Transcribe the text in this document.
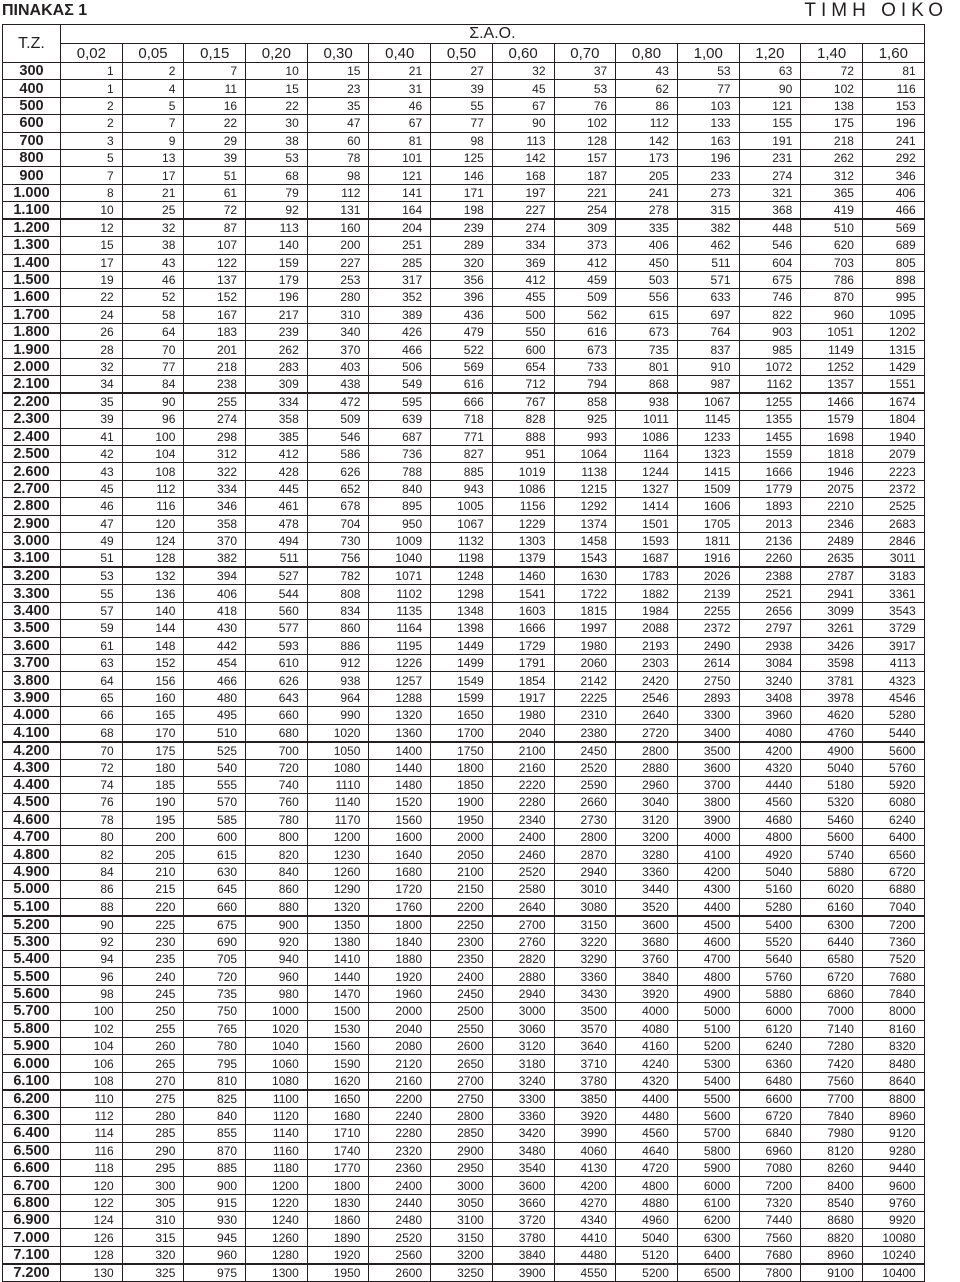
ΠΙΝΑΚΑΣ 1	ΤΙΜΗ ΟΙΚΟ
Τ.Ζ.	Σ.Α.Ο.													
	0,02	0,05	0,15	0,20	0,30	0,40	0,50	0,60	0,70	0,80	1,00	1,20	1,40	1,60
300	1	2	7	10	15	21	27	32	37	43	53	63	72	81
400	1	4	11	15	23	31	39	45	53	62	77	90	102	116
500	2	5	16	22	35	46	55	67	76	86	103	121	138	153
600	2	7	22	30	47	67	77	90	102	112	133	155	175	196
700	3	9	29	38	60	81	98	113	128	142	163	191	218	241
800	5	13	39	53	78	101	125	142	157	173	196	231	262	292
900	7	17	51	68	98	121	146	168	187	205	233	274	312	346
1.000	8	21	61	79	112	141	171	197	221	241	273	321	365	406
1.100	10	25	72	92	131	164	198	227	254	278	315	368	419	466
1.200	12	32	87	113	160	204	239	274	309	335	382	448	510	569
1.300	15	38	107	140	200	251	289	334	373	406	462	546	620	689
1.400	17	43	122	159	227	285	320	369	412	450	511	604	703	805
1.500	19	46	137	179	253	317	356	412	459	503	571	675	786	898
1.600	22	52	152	196	280	352	396	455	509	556	633	746	870	995
1.700	24	58	167	217	310	389	436	500	562	615	697	822	960	1095
1.800	26	64	183	239	340	426	479	550	616	673	764	903	1051	1202
1.900	28	70	201	262	370	466	522	600	673	735	837	985	1149	1315
2.000	32	77	218	283	403	506	569	654	733	801	910	1072	1252	1429
2.100	34	84	238	309	438	549	616	712	794	868	987	1162	1357	1551
2.200	35	90	255	334	472	595	666	767	858	938	1067	1255	1466	1674
2.300	39	96	274	358	509	639	718	828	925	1011	1145	1355	1579	1804
2.400	41	100	298	385	546	687	771	888	993	1086	1233	1455	1698	1940
2.500	42	104	312	412	586	736	827	951	1064	1164	1323	1559	1818	2079
2.600	43	108	322	428	626	788	885	1019	1138	1244	1415	1666	1946	2223
2.700	45	112	334	445	652	840	943	1086	1215	1327	1509	1779	2075	2372
2.800	46	116	346	461	678	895	1005	1156	1292	1414	1606	1893	2210	2525
2.900	47	120	358	478	704	950	1067	1229	1374	1501	1705	2013	2346	2683
3.000	49	124	370	494	730	1009	1132	1303	1458	1593	1811	2136	2489	2846
3.100	51	128	382	511	756	1040	1198	1379	1543	1687	1916	2260	2635	3011
3.200	53	132	394	527	782	1071	1248	1460	1630	1783	2026	2388	2787	3183
3.300	55	136	406	544	808	1102	1298	1541	1722	1882	2139	2521	2941	3361
3.400	57	140	418	560	834	1135	1348	1603	1815	1984	2255	2656	3099	3543
3.500	59	144	430	577	860	1164	1398	1666	1997	2088	2372	2797	3261	3729
3.600	61	148	442	593	886	1195	1449	1729	1980	2193	2490	2938	3426	3917
3.700	63	152	454	610	912	1226	1499	1791	2060	2303	2614	3084	3598	4113
3.800	64	156	466	626	938	1257	1549	1854	2142	2420	2750	3240	3781	4323
3.900	65	160	480	643	964	1288	1599	1917	2225	2546	2893	3408	3978	4546
4.000	66	165	495	660	990	1320	1650	1980	2310	2640	3300	3960	4620	5280
4.100	68	170	510	680	1020	1360	1700	2040	2380	2720	3400	4080	4760	5440
4.200	70	175	525	700	1050	1400	1750	2100	2450	2800	3500	4200	4900	5600
4.300	72	180	540	720	1080	1440	1800	2160	2520	2880	3600	4320	5040	5760
4.400	74	185	555	740	1110	1480	1850	2220	2590	2960	3700	4440	5180	5920
4.500	76	190	570	760	1140	1520	1900	2280	2660	3040	3800	4560	5320	6080
4.600	78	195	585	780	1170	1560	1950	2340	2730	3120	3900	4680	5460	6240
4.700	80	200	600	800	1200	1600	2000	2400	2800	3200	4000	4800	5600	6400
4.800	82	205	615	820	1230	1640	2050	2460	2870	3280	4100	4920	5740	6560
4.900	84	210	630	840	1260	1680	2100	2520	2940	3360	4200	5040	5880	6720
5.000	86	215	645	860	1290	1720	2150	2580	3010	3440	4300	5160	6020	6880
5.100	88	220	660	880	1320	1760	2200	2640	3080	3520	4400	5280	6160	7040
5.200	90	225	675	900	1350	1800	2250	2700	3150	3600	4500	5400	6300	7200
5.300	92	230	690	920	1380	1840	2300	2760	3220	3680	4600	5520	6440	7360
5.400	94	235	705	940	1410	1880	2350	2820	3290	3760	4700	5640	6580	7520
5.500	96	240	720	960	1440	1920	2400	2880	3360	3840	4800	5760	6720	7680
5.600	98	245	735	980	1470	1960	2450	2940	3430	3920	4900	5880	6860	7840
5.700	100	250	750	1000	1500	2000	2500	3000	3500	4000	5000	6000	7000	8000
5.800	102	255	765	1020	1530	2040	2550	3060	3570	4080	5100	6120	7140	8160
5.900	104	260	780	1040	1560	2080	2600	3120	3640	4160	5200	6240	7280	8320
6.000	106	265	795	1060	1590	2120	2650	3180	3710	4240	5300	6360	7420	8480
6.100	108	270	810	1080	1620	2160	2700	3240	3780	4320	5400	6480	7560	8640
6.200	110	275	825	1100	1650	2200	2750	3300	3850	4400	5500	6600	7700	8800
6.300	112	280	840	1120	1680	2240	2800	3360	3920	4480	5600	6720	7840	8960
6.400	114	285	855	1140	1710	2280	2850	3420	3990	4560	5700	6840	7980	9120
6.500	116	290	870	1160	1740	2320	2900	3480	4060	4640	5800	6960	8120	9280
6.600	118	295	885	1180	1770	2360	2950	3540	4130	4720	5900	7080	8260	9440
6.700	120	300	900	1200	1800	2400	3000	3600	4200	4800	6000	7200	8400	9600
6.800	122	305	915	1220	1830	2440	3050	3660	4270	4880	6100	7320	8540	9760
6.900	124	310	930	1240	1860	2480	3100	3720	4340	4960	6200	7440	8680	9920
7.000	126	315	945	1260	1890	2520	3150	3780	4410	5040	6300	7560	8820	10080
7.100	128	320	960	1280	1920	2560	3200	3840	4480	5120	6400	7680	8960	10240
7.200	130	325	975	1300	1950	2600	3250	3900	4550	5200	6500	7800	9100	10400
